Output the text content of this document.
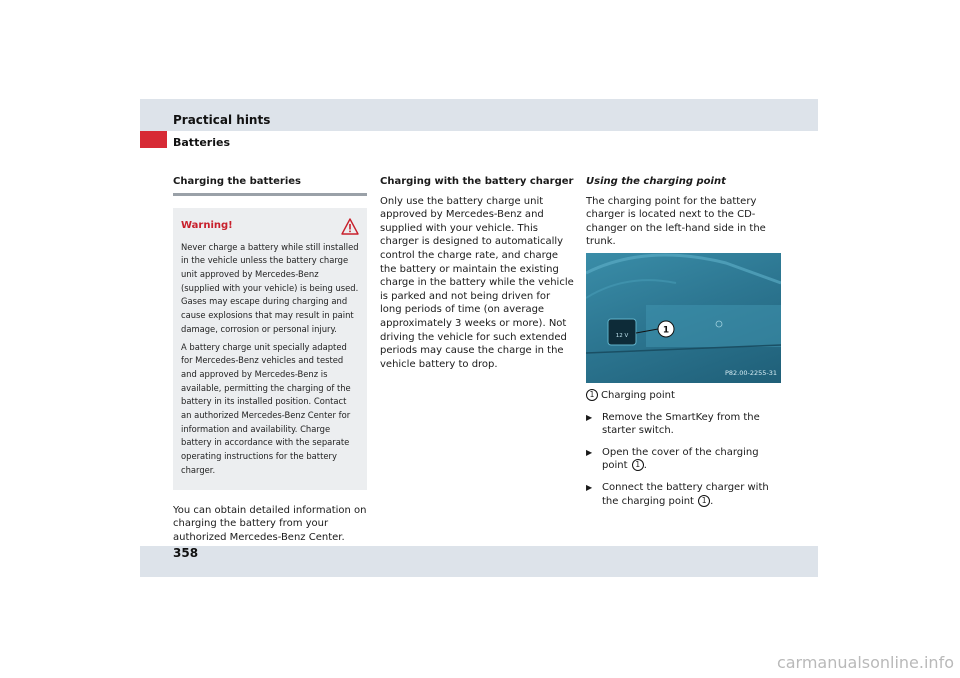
Practical hints
Batteries
Charging the batteries
Warning!

Never charge a battery while still installed in the vehicle unless the battery charge unit approved by Mercedes-Benz (supplied with your vehicle) is being used. Gases may escape during charging and cause explosions that may result in paint damage, corrosion or personal injury.

A battery charge unit specially adapted for Mercedes-Benz vehicles and tested and approved by Mercedes-Benz is available, permitting the charging of the battery in its installed position. Contact an authorized Mercedes-Benz Center for information and availability. Charge battery in accordance with the separate operating instructions for the battery charger.

You can obtain detailed information on charging the battery from your authorized Mercedes-Benz Center.

Charging with the battery charger

Only use the battery charge unit approved by Mercedes-Benz and supplied with your vehicle. This charger is designed to automatically control the charge rate, and charge the battery or maintain the existing charge in the battery while the vehicle is parked and not being driven for long periods of time (on average approximately 3 weeks or more). Not driving the vehicle for such extended periods may cause the charge in the vehicle battery to drop.

Using the charging point

The charging point for the battery charger is located next to the CD-changer on the left-hand side in the trunk.

12 V
1
P82.00-2255-31

1 Charging point

▶ Remove the SmartKey from the starter switch.
▶ Open the cover of the charging point 1 .
▶ Connect the battery charger with the charging point 1 .
358
carmanualsonline.info
